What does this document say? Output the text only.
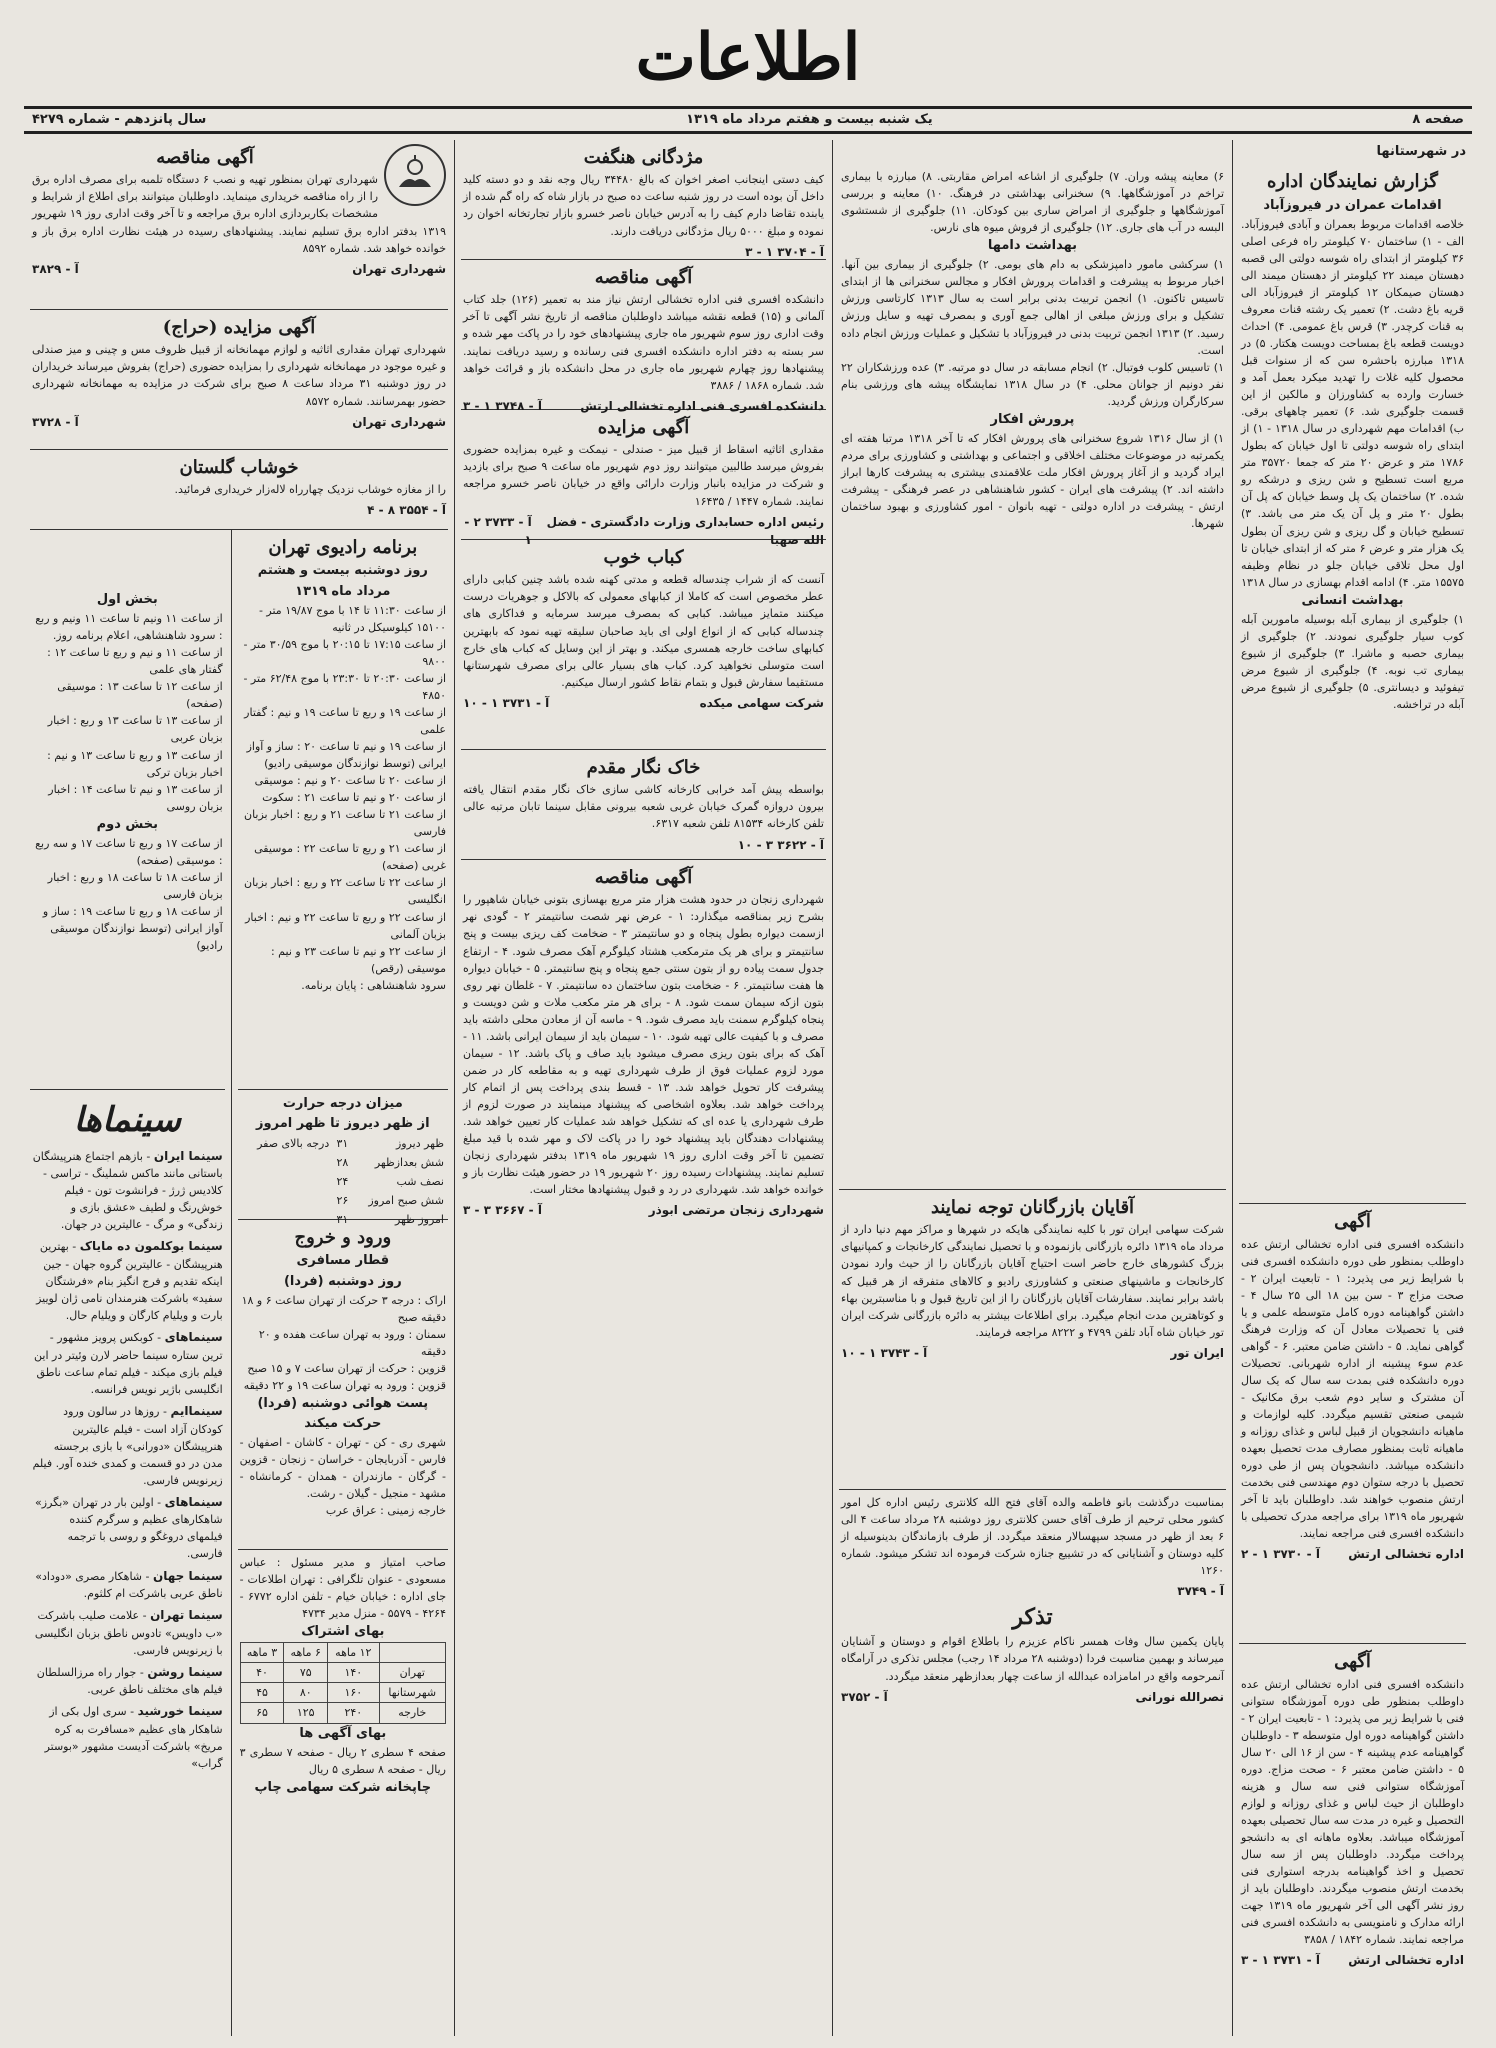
اطلاعات
صفحه ۸
یک شنبه بیست و هفتم مرداد ماه ۱۳۱۹
سال پانزدهم - شماره ۴۲۷۹
در شهرستانها
گزارش نمایندگان اداره
اقدامات عمران در فیروزآباد

خلاصه اقدامات مربوط بعمران و آبادی فیروزآباد. الف - ۱) ساختمان ۷۰ کیلومتر راه فرعی اصلی ۳۶ کیلومتر از ابتدای راه شوسه دولتی الی قصبه دهستان میمند ۲۲ کیلومتر از دهستان میمند الی دهستان صیمکان ۱۲ کیلومتر از فیروزآباد الی قریه باغ دشت. ۲) تعمیر یک رشته قنات معروف به قنات کرچدر. ۳) قرس باغ عمومی. ۴) احداث دویست قطعه باغ بمساحت دویست هکتار. ۵) در ۱۳۱۸ مبارزه باحشره سن که از سنوات قبل محصول کلیه غلات را تهدید میکرد بعمل آمد و خسارت وارده به کشاورزان و مالکین از این قسمت جلوگیری شد. ۶) تعمیر چاههای برقی. ب) اقدامات مهم شهرداری در سال ۱۳۱۸ - ۱) از ابتدای راه شوسه دولتی تا اول خیابان که بطول ۱۷۸۶ متر و عرض ۲۰ متر که جمعا ۳۵۷۲۰ متر مربع است تسطیح و شن ریزی و درشکه رو شده. ۲) ساختمان یک پل وسط خیابان که پل آن بطول ۲۰ متر و پل آن یک متر می باشد. ۳) تسطیح خیابان و گل ریزی و شن ریزی آن بطول یک هزار متر و عرض ۶ متر که از ابتدای خیابان تا اول محل تلاقی خیابان جلو در نظام وظیفه ۱۵۵۷۵ متر. ۴) ادامه اقدام بهسازی در سال ۱۳۱۸

بهداشت انسانی

۱) جلوگیری از بیماری آبله بوسیله مامورین آبله کوب سیار جلوگیری نمودند. ۲) جلوگیری از بیماری حصبه و ماشرا. ۳) جلوگیری از شیوع بیماری تب نوبه. ۴) جلوگیری از شیوع مرض تیفوئید و دیسانتری. ۵) جلوگیری از شیوع مرض آبله در تراخشه.

آگهی

دانشکده افسری فنی اداره تخشالی ارتش عده داوطلب بمنظور طی دوره دانشکده افسری فنی با شرایط زیر می پذیرد: ۱ - تابعیت ایران ۲ - صحت مزاج ۳ - سن بین ۱۸ الی ۲۵ سال ۴ - داشتن گواهینامه دوره کامل متوسطه علمی و یا فنی یا تحصیلات معادل آن که وزارت فرهنگ گواهی نماید. ۵ - داشتن ضامن معتبر. ۶ - گواهی عدم سوء پیشینه از اداره شهربانی. تحصیلات دوره دانشکده فنی بمدت سه سال که یک سال آن مشترک و سایر دوم شعب برق مکانیک - شیمی صنعتی تقسیم میگردد. کلیه لوازمات و ماهیانه دانشجویان از قبیل لباس و غذای روزانه و ماهیانه ثابت بمنظور مصارف مدت تحصیل بعهده دانشکده میباشد. دانشجویان پس از طی دوره تحصیل با درجه ستوان دوم مهندسی فنی بخدمت ارتش منصوب خواهند شد. داوطلبان باید تا آخر شهریور ماه ۱۳۱۹ برای مراجعه مدرک تحصیلی با دانشکده افسری فنی مراجعه نمایند.

اداره تخشالی ارتش
آ - ۳۷۳۰ ۱ - ۲
آگهی

دانشکده افسری فنی اداره تخشالی ارتش عده داوطلب بمنظور طی دوره آموزشگاه ستوانی فنی با شرایط زیر می پذیرد: ۱ - تابعیت ایران ۲ - داشتن گواهینامه دوره اول متوسطه ۳ - داوطلبان گواهینامه عدم پیشینه ۴ - سن از ۱۶ الی ۲۰ سال ۵ - داشتن ضامن معتبر ۶ - صحت مزاج. دوره آموزشگاه ستوانی فنی سه سال و هزینه داوطلبان از حیث لباس و غذای روزانه و لوازم التحصیل و غیره در مدت سه سال تحصیلی بعهده آموزشگاه میباشد. بعلاوه ماهانه ای به دانشجو پرداخت میگردد. داوطلبان پس از سه سال تحصیل و اخذ گواهینامه بدرجه استواری فنی بخدمت ارتش منصوب میگردند. داوطلبان باید از روز نشر آگهی الی آخر شهریور ماه ۱۳۱۹ جهت ارائه مدارک و نامنویسی به دانشکده افسری فنی مراجعه نمایند. شماره ۱۸۴۲ / ۳۸۵۸

اداره تخشالی ارتش
آ - ۳۷۳۱ ۱ - ۳

۶) معاینه پیشه وران. ۷) جلوگیری از اشاعه امراض مقاربتی. ۸) مبارزه با بیماری تراخم در آموزشگاهها. ۹) سخنرانی بهداشتی در فرهنگ. ۱۰) معاینه و بررسی آموزشگاهها و جلوگیری از امراض ساری بین کودکان. ۱۱) جلوگیری از شستشوی البسه در آب های جاری. ۱۲) جلوگیری از فروش میوه های نارس.

بهداشت دامها

۱) سرکشی مامور دامپزشکی به دام های بومی. ۲) جلوگیری از بیماری بین آنها. اخبار مربوط به پیشرفت و اقدامات پرورش افکار و مجالس سخنرانی ها از ابتدای تاسیس تاکنون. ۱) انجمن تربیت بدنی برابر است به سال ۱۳۱۳ کارتاسی ورزش تشکیل و برای ورزش مبلغی از اهالی جمع آوری و بمصرف تهیه و سایل ورزش رسید. ۲) ۱۳۱۳ انجمن تربیت بدنی در فیروزآباد با تشکیل و عملیات ورزش انجام داده است.

۱) تاسیس کلوب فوتبال. ۲) انجام مسابقه در سال دو مرتبه. ۳) عده ورزشکاران ۲۲ نفر دونیم از جوانان محلی. ۴) در سال ۱۳۱۸ نمایشگاه پیشه های ورزشی بنام سرکارگران ورزش گردید.

پرورش افکار

۱) از سال ۱۳۱۶ شروع سخنرانی های پرورش افکار که تا آخر ۱۳۱۸ مرتبا هفته ای یکمرتبه در موضوعات مختلف اخلاقی و اجتماعی و بهداشتی و کشاورزی برای مردم ایراد گردید و از آغاز پرورش افکار ملت علاقمندی بیشتری به پیشرفت کارها ابراز داشته اند. ۲) پیشرفت های ایران - کشور شاهنشاهی در عصر فرهنگی - پیشرفت ارتش - پیشرفت در اداره دولتی - تهیه بانوان - امور کشاورزی و بهبود ساختمان شهرها.

آقایان بازرگانان توجه نمایند

شرکت سهامی ایران تور با کلیه نمایندگی هایکه در شهرها و مراکز مهم دنیا دارد از مرداد ماه ۱۳۱۹ دائره بازرگانی بازنموده و با تحصیل نمایندگی کارخانجات و کمپانیهای بزرگ کشورهای خارج حاضر است احتیاج آقایان بازرگانان را از حیث وارد نمودن کارخانجات و ماشینهای صنعتی و کشاورزی رادیو و کالاهای متفرقه از هر قبیل که باشد برابر نمایند. سفارشات آقایان بازرگانان را از این تاریخ قبول و با مناسبترین بهاء و کوتاهترین مدت انجام میگیرد. برای اطلاعات بیشتر به دائره بازرگانی شرکت ایران تور خیابان شاه آباد تلفن ۴۷۹۹ و ۸۲۲۲ مراجعه فرمایند.

ایران تور
آ - ۳۷۴۳ ۱ - ۱۰

بمناسبت درگذشت بانو فاطمه والده آقای فتح الله کلانتری رئیس اداره کل امور کشور محلی ترحیم از طرف آقای حسن کلانتری روز دوشنبه ۲۸ مرداد ساعت ۴ الی ۶ بعد از ظهر در مسجد سپهسالار منعقد میگردد. از طرف بازماندگان بدینوسیله از کلیه دوستان و آشنایانی که در تشییع جنازه شرکت فرموده اند تشکر میشود. شماره ۱۲۶۰

آ - ۳۷۴۹
تذکر

پایان یکمین سال وفات همسر ناکام عزیزم را باطلاع اقوام و دوستان و آشنایان میرساند و بهمین مناسبت فردا (دوشنبه ۲۸ مرداد ۱۴ رجب) مجلس تذکری در آرامگاه آنمرحومه واقع در امامزاده عبدالله از ساعت چهار بعدازظهر منعقد میگردد.

نصرالله نورانی
آ - ۳۷۵۲
مژدگانی هنگفت

کیف دستی اینجانب اصغر اخوان که بالغ ۳۴۴۸۰ ریال وجه نقد و دو دسته کلید داخل آن بوده است در روز شنبه ساعت ده صبح در بازار شاه که راه گم شده از یابنده تقاضا دارم کیف را به آدرس خیابان ناصر خسرو بازار تجارتخانه اخوان رد نموده و مبلغ ۵۰۰۰ ریال مژدگانی دریافت دارند.

آ - ۳۷۰۴ ۱ - ۳
آگهی مناقصه

دانشکده افسری فنی اداره تخشالی ارتش نیاز مند به تعمیر (۱۲۶) جلد کتاب آلمانی و (۱۵) قطعه نقشه میباشد داوطلبان مناقصه از تاریخ نشر آگهی تا آخر وقت اداری روز سوم شهریور ماه جاری پیشنهادهای خود را در پاکت مهر شده و سر بسته به دفتر اداره دانشکده افسری فنی رسانده و رسید دریافت نمایند. پیشنهادها روز چهارم شهریور ماه جاری در محل دانشکده باز و قرائت خواهد شد. شماره ۱۸۶۸ / ۳۸۸۶

دانشکده افسری فنی اداره تخشالی ارتش
آ - ۳۷۴۸ ۱ - ۳
آگهی مزایده

مقداری اثاثیه اسقاط از قبیل میز - صندلی - نیمکت و غیره بمزایده حضوری بفروش میرسد طالبین میتوانند روز دوم شهریور ماه ساعت ۹ صبح برای بازدید و شرکت در مزایده بانبار وزارت دارائی واقع در خیابان ناصر خسرو مراجعه نمایند. شماره ۱۴۴۷ / ۱۶۴۳۵

رئیس اداره حسابداری وزارت دادگستری - فضل الله صهبا
آ - ۳۷۳۳ ۲ - ۱
کباب خوب

آنست که از شراب چندساله قطعه و مدتی کهنه شده باشد چنین کبابی دارای عطر مخصوص است که کاملا از کبابهای معمولی که بالاکل و جوهریات درست میکنند متمایز میباشد. کبابی که بمصرف میرسد سرمایه و فداکاری های چندساله کبابی که از انواع اولی ای باید صاحبان سلیقه تهیه نمود که بابهترین کبابهای ساخت خارجه همسری میکند. و بهتر از این وسایل که کباب های خارج است متوسلی نخواهید کرد. کباب های بسیار عالی برای مصرف شهرستانها مستقیما سفارش قبول و بتمام نقاط کشور ارسال میکنیم.

شرکت سهامی میکده
آ - ۳۷۳۱ ۱ - ۱۰
خاک نگار مقدم

بواسطه پیش آمد خرابی کارخانه کاشی سازی خاک نگار مقدم انتقال یافته بیرون دروازه گمرک خیابان غربی شعبه بیرونی مقابل سینما تابان مرتبه عالی تلفن کارخانه ۸۱۵۳۴ تلفن شعبه ۶۳۱۷.

آ - ۳۶۲۲ ۳ - ۱۰
آگهی مناقصه

شهرداری زنجان در حدود هشت هزار متر مربع بهسازی بتونی خیابان شاهپور را بشرح زیر بمناقصه میگذارد: ۱ - عرض نهر شصت سانتیمتر ۲ - گودی نهر ازسمت دیواره بطول پنجاه و دو سانتیمتر ۳ - ضخامت کف ریزی بیست و پنج سانتیمتر و برای هر یک مترمکعب هشتاد کیلوگرم آهک مصرف شود. ۴ - ارتفاع جدول سمت پیاده رو از بتون سنتی جمع پنجاه و پنج سانتیمتر. ۵ - خیابان دیواره ها هفت سانتیمتر. ۶ - ضخامت بتون ساختمان ده سانتیمتر. ۷ - غلطان نهر روی بتون ازکه سیمان سمت شود. ۸ - برای هر متر مکعب ملات و شن دویست و پنجاه کیلوگرم سمنت باید مصرف شود. ۹ - ماسه آن از معادن محلی داشته باید مصرف و با کیفیت عالی تهیه شود. ۱۰ - سیمان باید از سیمان ایرانی باشد. ۱۱ - آهک که برای بتون ریزی مصرف میشود باید صاف و پاک باشد. ۱۲ - سیمان مورد لزوم عملیات فوق از طرف شهرداری تهیه و به مقاطعه کار در ضمن پیشرفت کار تحویل خواهد شد. ۱۳ - قسط بندی پرداخت پس از اتمام کار پرداخت خواهد شد. بعلاوه اشخاصی که پیشنهاد مینمایند در صورت لزوم از طرف شهرداری یا عده ای که تشکیل خواهد شد عملیات کار تعیین خواهد شد. پیشنهادات دهندگان باید پیشنهاد خود را در پاکت لاک و مهر شده با قید مبلغ تضمین تا آخر وقت اداری روز ۱۹ شهریور ماه ۱۳۱۹ بدفتر شهرداری زنجان تسلیم نمایند. پیشنهادات رسیده روز ۲۰ شهریور ۱۹ در حضور هیئت نظارت باز و خوانده خواهد شد. شهرداری در رد و قبول پیشنهادها مختار است.

شهرداری زنجان مرتضی ابوذر
آ - ۳۶۶۷ ۳ - ۳
آگهی مناقصه

شهرداری تهران بمنظور تهیه و نصب ۶ دستگاه تلمبه برای مصرف اداره برق را از راه مناقصه خریداری مینماید. داوطلبان میتوانند برای اطلاع از شرایط و مشخصات بکاربردازی اداره برق مراجعه و تا آخر وقت اداری روز ۱۹ شهریور ۱۳۱۹ بدفتر اداره برق تسلیم نمایند. پیشنهادهای رسیده در هیئت نظارت اداره برق باز و خوانده خواهد شد. شماره ۸۵۹۲

شهرداری تهران
آ - ۳۸۲۹
آگهی مزایده (حراج)

شهرداری تهران مقداری اثاثیه و لوازم مهمانخانه از قبیل ظروف مس و چینی و میز صندلی و غیره موجود در مهمانخانه شهرداری را بمزایده حضوری (حراج) بفروش میرساند خریداران در روز دوشنبه ۳۱ مرداد ساعت ۸ صبح برای شرکت در مزایده به مهمانخانه شهرداری حضور بهمرسانند. شماره ۸۵۷۲

شهرداری تهران
آ - ۳۷۲۸
خوشاب گلستان

را از مغازه خوشاب نزدیک چهارراه لاله‌زار خریداری فرمائید.

آ - ۳۵۵۴ ۸ - ۴
برنامه رادیوی تهران
روز دوشنبه بیست و هشتم مرداد ماه ۱۳۱۹
از ساعت ۱۱:۳۰ تا ۱۴ با موج ۱۹/۸۷ متر - ۱۵۱۰۰ کیلوسیکل در ثانیه
از ساعت ۱۷:۱۵ تا ۲۰:۱۵ با موج ۳۰/۵۹ متر - ۹۸۰۰
از ساعت ۲۰:۳۰ تا ۲۳:۳۰ با موج ۶۲/۴۸ متر - ۴۸۵۰
از ساعت ۱۹ و ربع تا ساعت ۱۹ و نیم : گفتار علمی
از ساعت ۱۹ و نیم تا ساعت ۲۰ : ساز و آواز ایرانی (توسط نوازندگان موسیقی رادیو)
از ساعت ۲۰ تا ساعت ۲۰ و نیم : موسیقی
از ساعت ۲۰ و نیم تا ساعت ۲۱ : سکوت
از ساعت ۲۱ تا ساعت ۲۱ و ربع : اخبار بزبان فارسی
از ساعت ۲۱ و ربع تا ساعت ۲۲ : موسیقی غربی (صفحه)
از ساعت ۲۲ تا ساعت ۲۲ و ربع : اخبار بزبان انگلیسی
از ساعت ۲۲ و ربع تا ساعت ۲۲ و نیم : اخبار بزبان آلمانی
از ساعت ۲۲ و نیم تا ساعت ۲۳ و نیم : موسیقی (رقص)
سرود شاهنشاهی : پایان برنامه.
میزان درجه حرارت
از ظهر دیروز تا ظهر امروز
ظهر دیروز	۳۱	درجه بالای صفر
شش بعدازظهر	۲۸	
نصف شب	۲۴	
شش صبح امروز	۲۶	
امروز ظهر	۳۱	
ورود و خروج
قطار مسافری
روز دوشنبه (فردا)
اراک : درجه ۳ حرکت از تهران ساعت ۶ و ۱۸ دقیقه صبح
سمنان : ورود به تهران ساعت هفده و ۲۰ دقیقه
قزوین : حرکت از تهران ساعت ۷ و ۱۵ صبح
قزوین : ورود به تهران ساعت ۱۹ و ۲۲ دقیقه
پست هوائی دوشنبه (فردا)
حرکت میکند

شهری ری - کن - تهران - کاشان - اصفهان - فارس - آذربایجان - خراسان - زنجان - قزوین - گرگان - مازندران - همدان - کرمانشاه - مشهد - منجیل - گیلان - رشت.

خارجه زمینی : عراق عرب

صاحب امتیاز و مدیر مسئول : عباس مسعودی - عنوان تلگرافی : تهران اطلاعات - جای اداره : خیابان خیام - تلفن اداره ۶۷۷۲ - ۴۲۶۴ - ۵۵۷۹ - منزل مدیر ۴۷۳۴

بهای اشتراک
	۱۲ ماهه	۶ ماهه	۳ ماهه
تهران	۱۴۰	۷۵	۴۰
شهرستانها	۱۶۰	۸۰	۴۵
خارجه	۲۴۰	۱۲۵	۶۵
بهای آگهی ها

صفحه ۴ سطری ۲ ریال - صفحه ۷ سطری ۳ ریال - صفحه ۸ سطری ۵ ریال

چاپخانه شرکت سهامی چاپ
بخش اول
از ساعت ۱۱ ونیم تا ساعت ۱۱ ونیم و ربع : سرود شاهنشاهی، اعلام برنامه روز.
از ساعت ۱۱ و نیم و ربع تا ساعت ۱۲ : گفتار های علمی
از ساعت ۱۲ تا ساعت ۱۳ : موسیقی (صفحه)
از ساعت ۱۳ تا ساعت ۱۳ و ربع : اخبار بزبان عربی
از ساعت ۱۳ و ربع تا ساعت ۱۳ و نیم : اخبار بزبان ترکی
از ساعت ۱۳ و نیم تا ساعت ۱۴ : اخبار بزبان روسی
بخش دوم
از ساعت ۱۷ و ربع تا ساعت ۱۷ و سه ربع : موسیقی (صفحه)
از ساعت ۱۸ تا ساعت ۱۸ و ربع : اخبار بزبان فارسی
از ساعت ۱۸ و ربع تا ساعت ۱۹ : ساز و آواز ایرانی (توسط نوازندگان موسیقی رادیو)
سینماها
سینما ایران - بازهم اجتماع هنرپیشگان باستانی مانند ماکس شملینگ - تراسی - کلادیس ژرژ - فرانشوت تون - فیلم خوش‌رنگ و لطیف «عشق بازی و زندگی» و مرگ - عالیترین در جهان.
سینما بوکلمون ده مایاک - بهترین هنرپیشگان - عالیترین گروه جهان - جین اینکه تقدیم و فرج انگیز بنام «فرشتگان سفید» باشرکت هنرمندان نامی ژان لوییز بارت و ویلیام کارگان و ویلیام حال.
سینماهای - کوبکس پرویز مشهور - ترین ستاره سینما حاضر لارن وئیتر در این فیلم بازی میکند - فیلم تمام ساعت ناطق انگلیسی باژیر نویس فرانسه.
سینماایم - روزها در سالون ورود کودکان آزاد است - فیلم عالیترین هنرپیشگان «دورانی» با بازی برجسته مدن در دو قسمت و کمدی خنده آور. فیلم زیرنویس فارسی.
سینماهای - اولین بار در تهران «بگرز» شاهکارهای عظیم و سرگرم کننده فیلمهای دروغگو و روسی با ترجمه فارسی.
سینما جهان - شاهکار مصری «دوداد» ناطق عربی باشرکت ام کلثوم.
سینما تهران - علامت صلیب باشرکت «ب داویس» تادوس ناطق بزبان انگلیسی با زیرنویس فارسی.
سینما روشن - جوار راه مرزالسلطان فیلم های مختلف ناطق عربی.
سینما خورشید - سری اول بکی از شاهکار های عظیم «مسافرت به کره مریخ» باشرکت آدیست مشهور «بوستر گراب»
